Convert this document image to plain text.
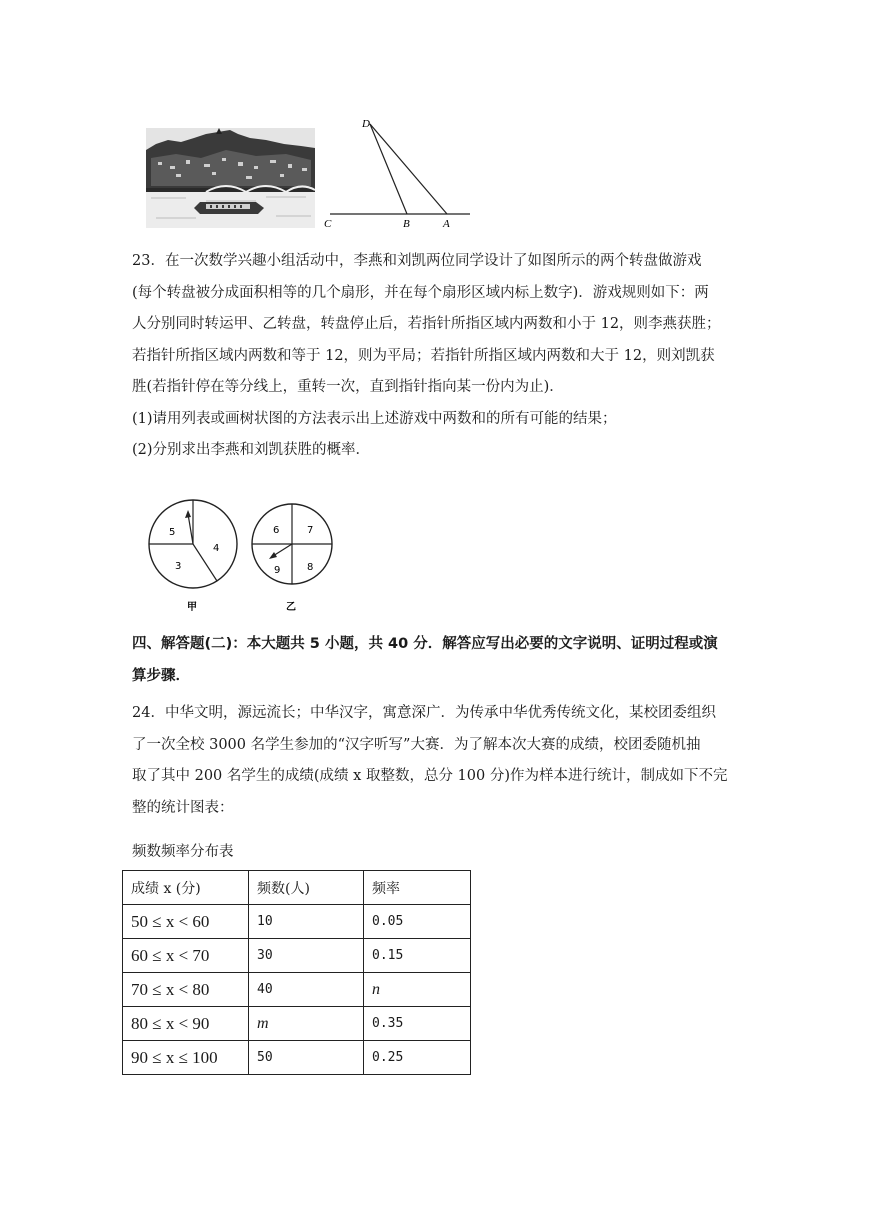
D
C	B	A

23．在一次数学兴趣小组活动中，李燕和刘凯两位同学设计了如图所示的两个转盘做游戏

(每个转盘被分成面积相等的几个扇形，并在每个扇形区域内标上数字)．游戏规则如下：两

人分别同时转运甲、乙转盘，转盘停止后，若指针所指区域内两数和小于 12，则李燕获胜；

若指针所指区域内两数和等于 12，则为平局；若指针所指区域内两数和大于 12，则刘凯获

胜(若指针停在等分线上，重转一次，直到指针指向某一份内为止)．

(1)请用列表或画树状图的方法表示出上述游戏中两数和的所有可能的结果；

(2)分别求出李燕和刘凯获胜的概率．

5
4
3
甲
6	7
9	8
乙

四、解答题(二)：本大题共 5 小题，共 40 分．解答应写出必要的文字说明、证明过程或演

算步骤．

24．中华文明，源远流长；中华汉字，寓意深广．为传承中华优秀传统文化，某校团委组织

了一次全校 3000 名学生参加的“汉字听写”大赛．为了解本次大赛的成绩，校团委随机抽

取了其中 200 名学生的成绩(成绩 x 取整数，总分 100 分)作为样本进行统计，制成如下不完

整的统计图表：

频数频率分布表
成绩 x (分)	频数(人)	频率
50 ≤ x < 60	10	0.05
60 ≤ x < 70	30	0.15
70 ≤ x < 80	40	n
80 ≤ x < 90	m	0.35
90 ≤ x ≤ 100	50	0.25
